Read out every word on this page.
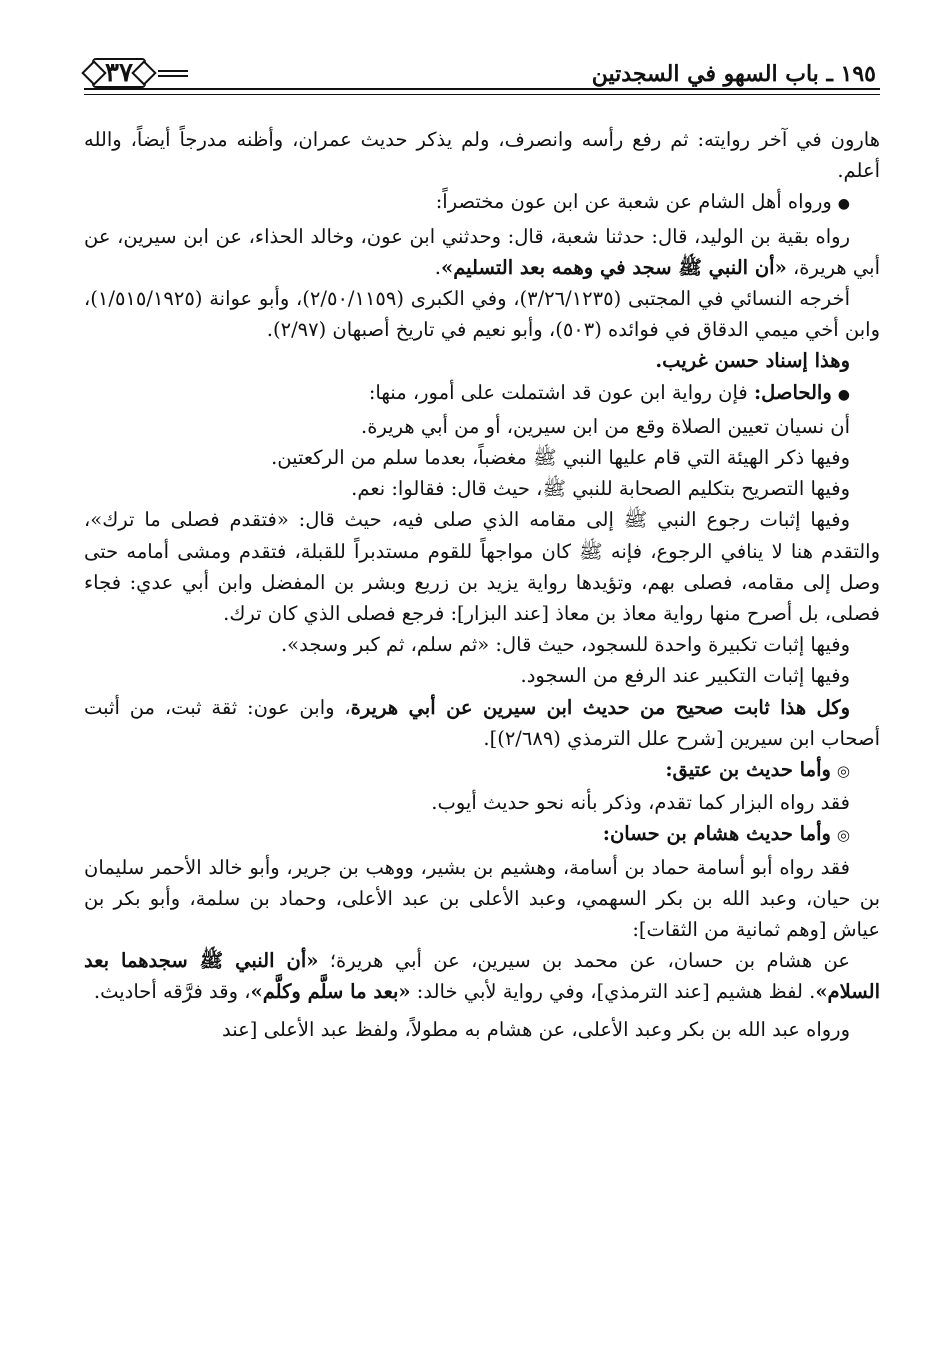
١٩٥ ـ باب السهو في السجدتين
٣٧

هارون في آخر روايته: ثم رفع رأسه وانصرف، ولم يذكر حديث عمران، وأظنه مدرجاً أيضاً، والله أعلم.

●ورواه أهل الشام عن شعبة عن ابن عون مختصراً:

رواه بقية بن الوليد، قال: حدثنا شعبة، قال: وحدثني ابن عون، وخالد الحذاء، عن ابن سيرين، عن أبي هريرة، «أن النبي ﷺ سجد في وهمه بعد التسليم».

أخرجه النسائي في المجتبى (٣/٢٦/١٢٣٥)، وفي الكبرى (٢/٥٠/١١٥٩)، وأبو عوانة (١/٥١٥/١٩٢٥)، وابن أخي ميمي الدقاق في فوائده (٥٠٣)، وأبو نعيم في تاريخ أصبهان (٢/٩٧).

وهذا إسناد حسن غريب.

●والحاصل: فإن رواية ابن عون قد اشتملت على أمور، منها:

أن نسيان تعيين الصلاة وقع من ابن سيرين، أو من أبي هريرة.

وفيها ذكر الهيئة التي قام عليها النبي ﷺ مغضباً، بعدما سلم من الركعتين.

وفيها التصريح بتكليم الصحابة للنبي ﷺ، حيث قال: فقالوا: نعم.

وفيها إثبات رجوع النبي ﷺ إلى مقامه الذي صلى فيه، حيث قال: «فتقدم فصلى ما ترك»، والتقدم هنا لا ينافي الرجوع، فإنه ﷺ كان مواجهاً للقوم مستدبراً للقبلة، فتقدم ومشى أمامه حتى وصل إلى مقامه، فصلى بهم، وتؤيدها رواية يزيد بن زريع وبشر بن المفضل وابن أبي عدي: فجاء فصلى، بل أصرح منها رواية معاذ بن معاذ [عند البزار]: فرجع فصلى الذي كان ترك.

وفيها إثبات تكبيرة واحدة للسجود، حيث قال: «ثم سلم، ثم كبر وسجد».

وفيها إثبات التكبير عند الرفع من السجود.

وكل هذا ثابت صحيح من حديث ابن سيرين عن أبي هريرة، وابن عون: ثقة ثبت، من أثبت أصحاب ابن سيرين [شرح علل الترمذي (٢/٦٨٩)].

◎وأما حديث بن عتيق:

فقد رواه البزار كما تقدم، وذكر بأنه نحو حديث أيوب.

◎وأما حديث هشام بن حسان:

فقد رواه أبو أسامة حماد بن أسامة، وهشيم بن بشير، ووهب بن جرير، وأبو خالد الأحمر سليمان بن حيان، وعبد الله بن بكر السهمي، وعبد الأعلى بن عبد الأعلى، وحماد بن سلمة، وأبو بكر بن عياش [وهم ثمانية من الثقات]:

عن هشام بن حسان، عن محمد بن سيرين، عن أبي هريرة؛ «أن النبي ﷺ سجدهما بعد السلام». لفظ هشيم [عند الترمذي]، وفي رواية لأبي خالد: «بعد ما سلَّم وكلَّم»، وقد فرَّقه أحاديث.

ورواه عبد الله بن بكر وعبد الأعلى، عن هشام به مطولاً، ولفظ عبد الأعلى [عند
